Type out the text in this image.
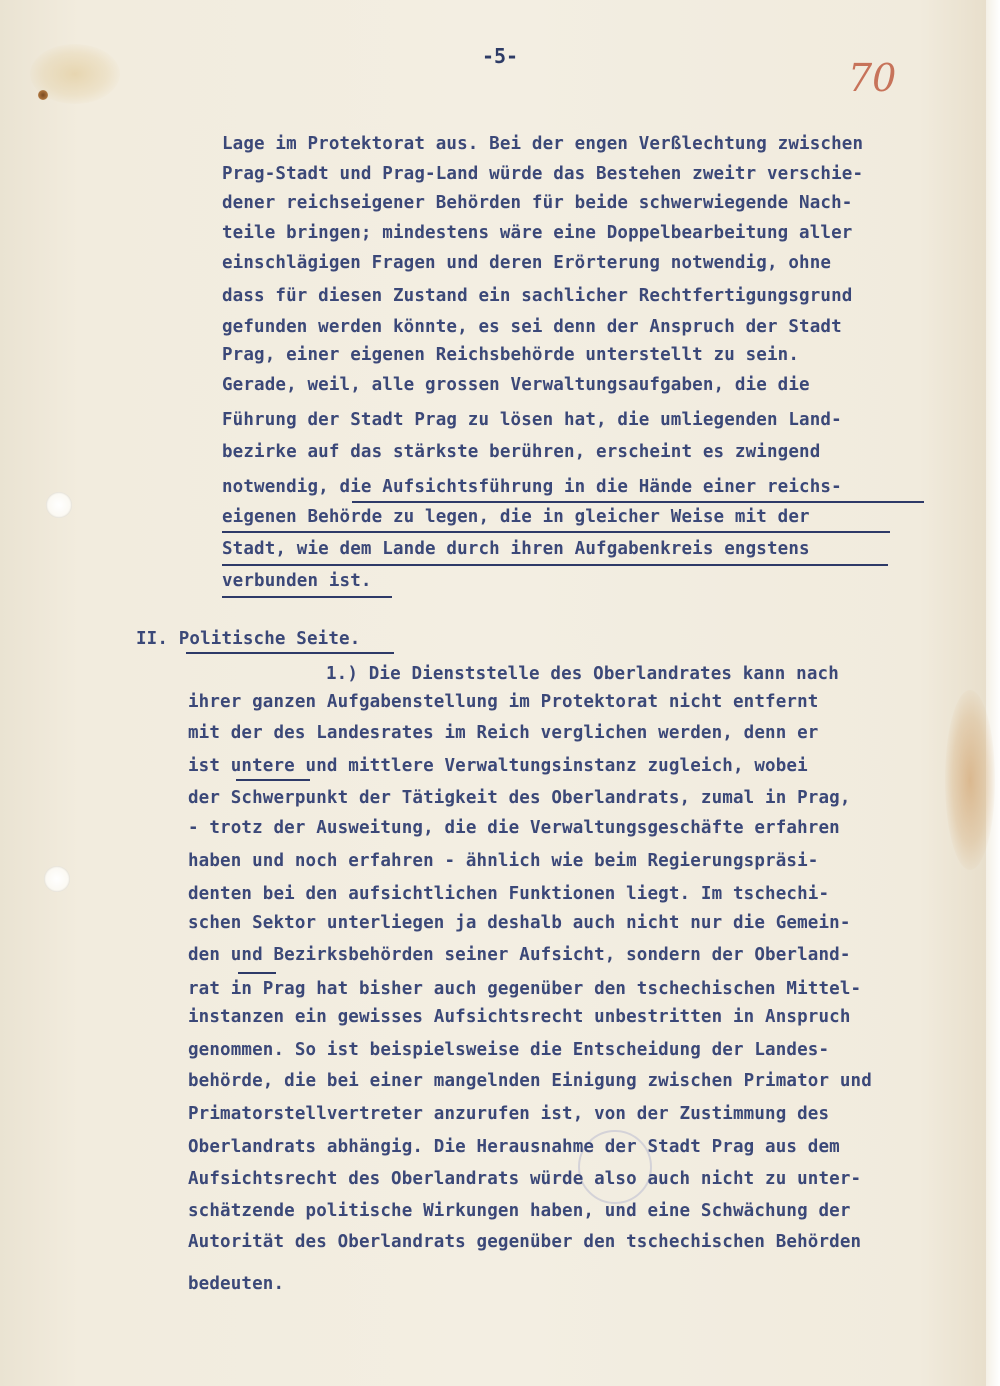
-5-	70
Lage im Protektorat aus. Bei der engen Verßlechtung zwischen
Prag-Stadt und Prag-Land würde das Bestehen zweitr verschie-
dener reichseigener Behörden für beide schwerwiegende Nach-
teile bringen; mindestens wäre eine Doppelbearbeitung aller
einschlägigen Fragen und deren Erörterung notwendig, ohne
dass für diesen Zustand ein sachlicher Rechtfertigungsgrund
gefunden werden könnte, es sei denn der Anspruch der Stadt
Prag, einer eigenen Reichsbehörde unterstellt zu sein.
Gerade, weil, alle grossen Verwaltungsaufgaben, die die
Führung der Stadt Prag zu lösen hat, die umliegenden Land-
bezirke auf das stärkste berühren, erscheint es zwingend
notwendig, die Aufsichtsführung in die Hände einer reichs-
eigenen Behörde zu legen, die in gleicher Weise mit der
Stadt, wie dem Lande durch ihren Aufgabenkreis engstens
verbunden ist.
II. Politische Seite.
1.) Die Dienststelle des Oberlandrates kann nach
ihrer ganzen Aufgabenstellung im Protektorat nicht entfernt
mit der des Landesrates im Reich verglichen werden, denn er
ist untere und mittlere Verwaltungsinstanz zugleich, wobei
der Schwerpunkt der Tätigkeit des Oberlandrats, zumal in Prag,
- trotz der Ausweitung, die die Verwaltungsgeschäfte erfahren
haben und noch erfahren - ähnlich wie beim Regierungspräsi-
denten bei den aufsichtlichen Funktionen liegt. Im tschechi-
schen Sektor unterliegen ja deshalb auch nicht nur die Gemein-
den und Bezirksbehörden seiner Aufsicht, sondern der Oberland-
rat in Prag hat bisher auch gegenüber den tschechischen Mittel-
instanzen ein gewisses Aufsichtsrecht unbestritten in Anspruch
genommen. So ist beispielsweise die Entscheidung der Landes-
behörde, die bei einer mangelnden Einigung zwischen Primator und
Primatorstellvertreter anzurufen ist, von der Zustimmung des
Oberlandrats abhängig. Die Herausnahme der Stadt Prag aus dem
Aufsichtsrecht des Oberlandrats würde also auch nicht zu unter-
schätzende politische Wirkungen haben, und eine Schwächung der
Autorität des Oberlandrats gegenüber den tschechischen Behörden
bedeuten.
